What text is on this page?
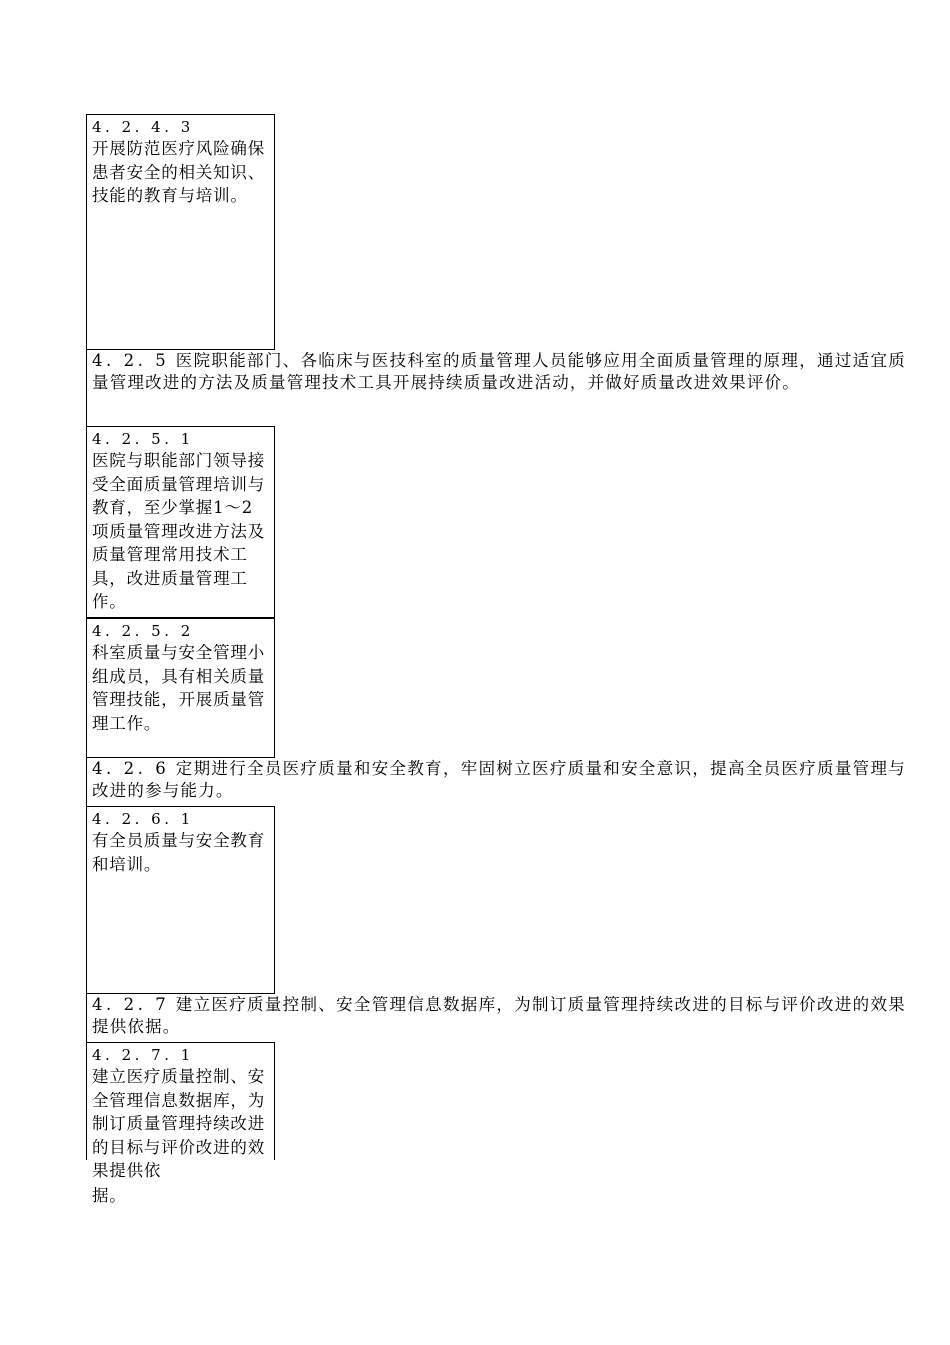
4. 2. 4. 3
开展防范医疗风险确保患者安全的相关知识、技能的教育与培训。
4. 2. 5 医院职能部门、各临床与医技科室的质量管理人员能够应用全面质量管理的原理，通过适宜质量管理改进的方法及质量管理技术工具开展持续质量改进活动，并做好质量改进效果评价。
4. 2. 5. 1
医院与职能部门领导接受全面质量管理培训与教育，至少掌握1～2 项质量管理改进方法及质量管理常用技术工具，改进质量管理工作。
4. 2. 5. 2
科室质量与安全管理小组成员，具有相关质量管理技能，开展质量管理工作。
4. 2. 6 定期进行全员医疗质量和安全教育，牢固树立医疗质量和安全意识，提高全员医疗质量管理与改进的参与能力。
4. 2. 6. 1
有全员质量与安全教育和培训。
4. 2. 7 建立医疗质量控制、安全管理信息数据库，为制订质量管理持续改进的目标与评价改进的效果提供依据。
4. 2. 7. 1
建立医疗质量控制、安全管理信息数据库，为制订质量管理持续改进的目标与评价改进的效果提供依
据。
